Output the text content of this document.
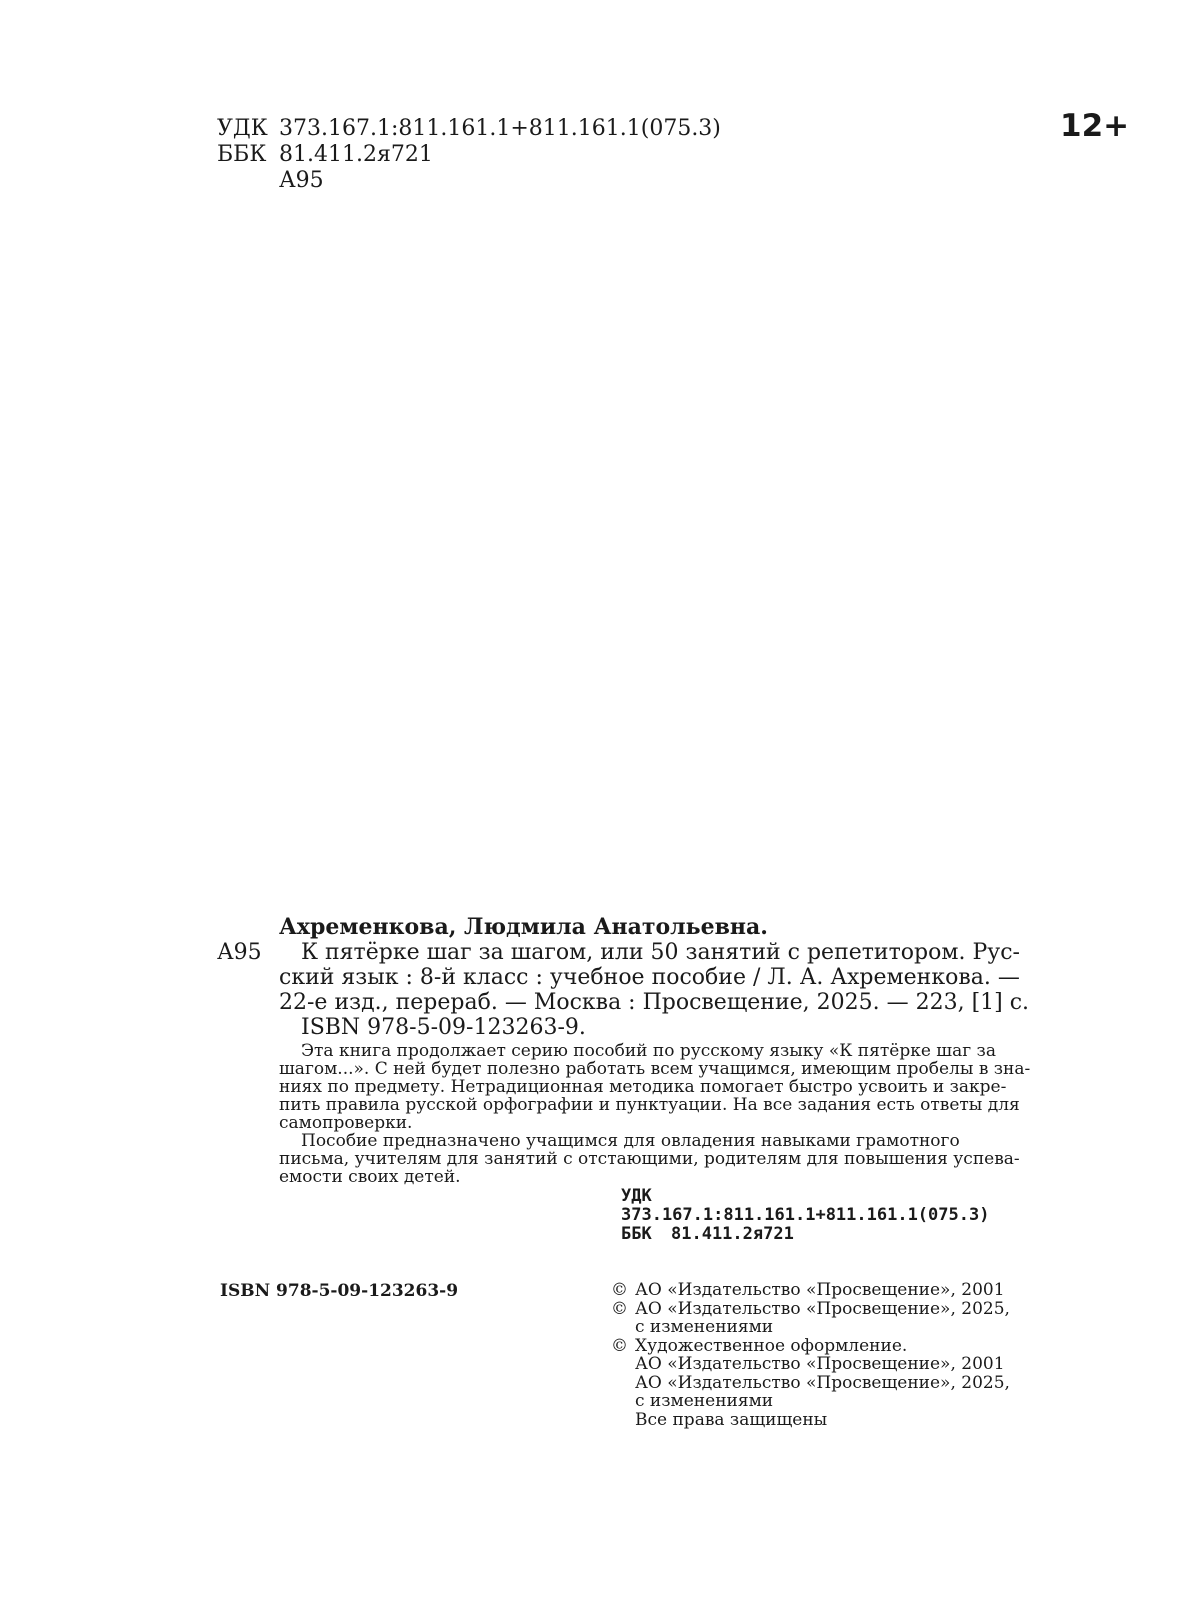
УДК 373.167.1:811.161.1+811.161.1(075.3)
ББК 81.411.2я721
А95
12+
А95
Ахременкова, Людмила Анатольевна.
К пятёрке шаг за шагом, или 50 занятий с репетитором. Рус-
ский язык : 8-й класс : учебное пособие / Л. А. Ахременкова. —
22-е изд., перераб. — Москва : Просвещение, 2025. — 223, [1] с.
ISBN 978-5-09-123263-9.

Эта книга продолжает серию пособий по русскому языку «К пятёрке шаг за
шагом...». С ней будет полезно работать всем учащимся, имеющим пробелы в зна-
ниях по предмету. Нетрадиционная методика помогает быстро усвоить и закре-
пить правила русской орфографии и пунктуации. На все задания есть ответы для
самопроверки.

Пособие предназначено учащимся для овладения навыками грамотного
письма, учителям для занятий с отстающими, родителям для повышения успева-
емости своих детей.

УДК373.167.1:811.161.1+811.161.1(075.3)
ББК 81.411.2я721
ISBN 978-5-09-123263-9	© АО «Издательство «Просвещение», 2001
© АО «Издательство «Просвещение», 2025,
с изменениями
© Художественное оформление.
АО «Издательство «Просвещение», 2001
АО «Издательство «Просвещение», 2025,
с изменениями
Все права защищены
